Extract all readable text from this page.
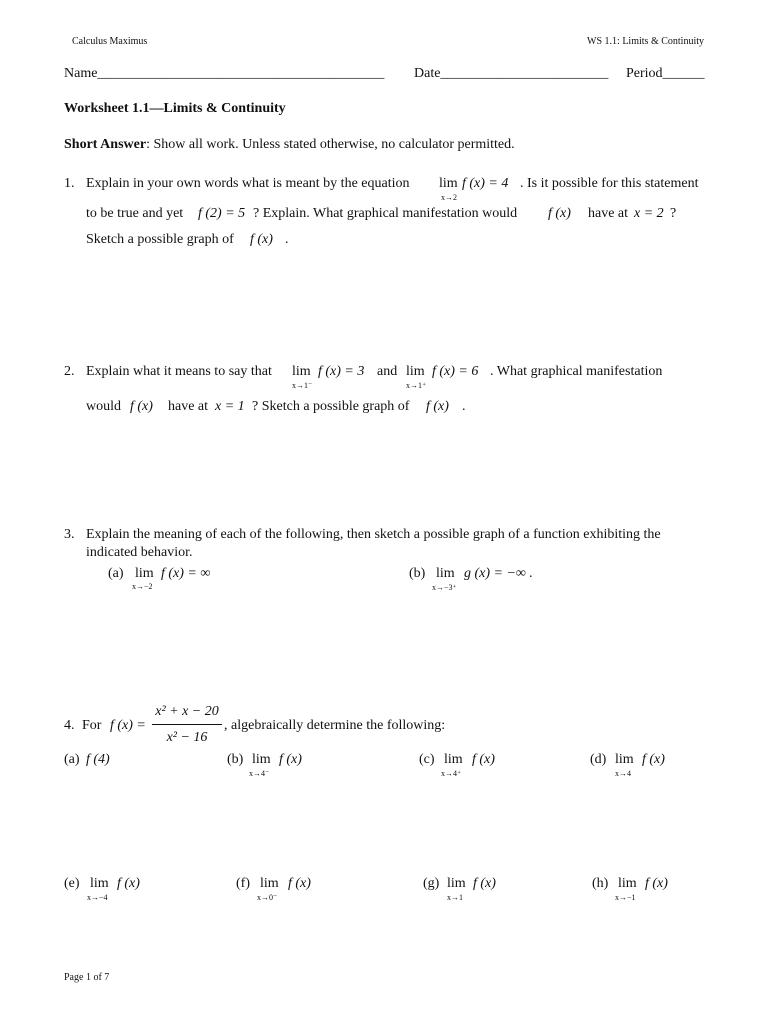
Calculus Maximus	WS 1.1: Limits & Continuity
Name_________________________________________ Date________________________ Period______
Worksheet 1.1—Limits & Continuity
Short Answer: Show all work. Unless stated otherwise, no calculator permitted.
1. Explain in your own words what is meant by the equation lim
x→2
f (x) = 4 . Is it possible for this statement
to be true and yet f (2) = 5 ? Explain. What graphical manifestation would f (x) have at x = 2 ?
Sketch a possible graph of f (x) .
2. Explain what it means to say that lim
x→1⁻
f (x) = 3 and lim
x→1⁺
f (x) = 6 . What graphical manifestation
would f (x) have at x = 1 ? Sketch a possible graph of f (x) .
3. Explain the meaning of each of the following, then sketch a possible graph of a function exhibiting the
indicated behavior.
(a) lim
x→−2
f (x) = ∞	(b) lim
x→−3⁺
g (x) = −∞ .
4. For f (x) =
x² + x − 20
x² − 16
, algebraically determine the following:
(a) f (4)	(b) lim
x→4⁻
f (x)	(c) lim
x→4⁺
f (x)	(d) lim
x→4
f (x)
(e) lim
x→−4
f (x)	(f) lim
x→0⁻
f (x)	(g) lim
x→1
f (x)	(h) lim
x→−1
f (x)
Page 1 of 7
